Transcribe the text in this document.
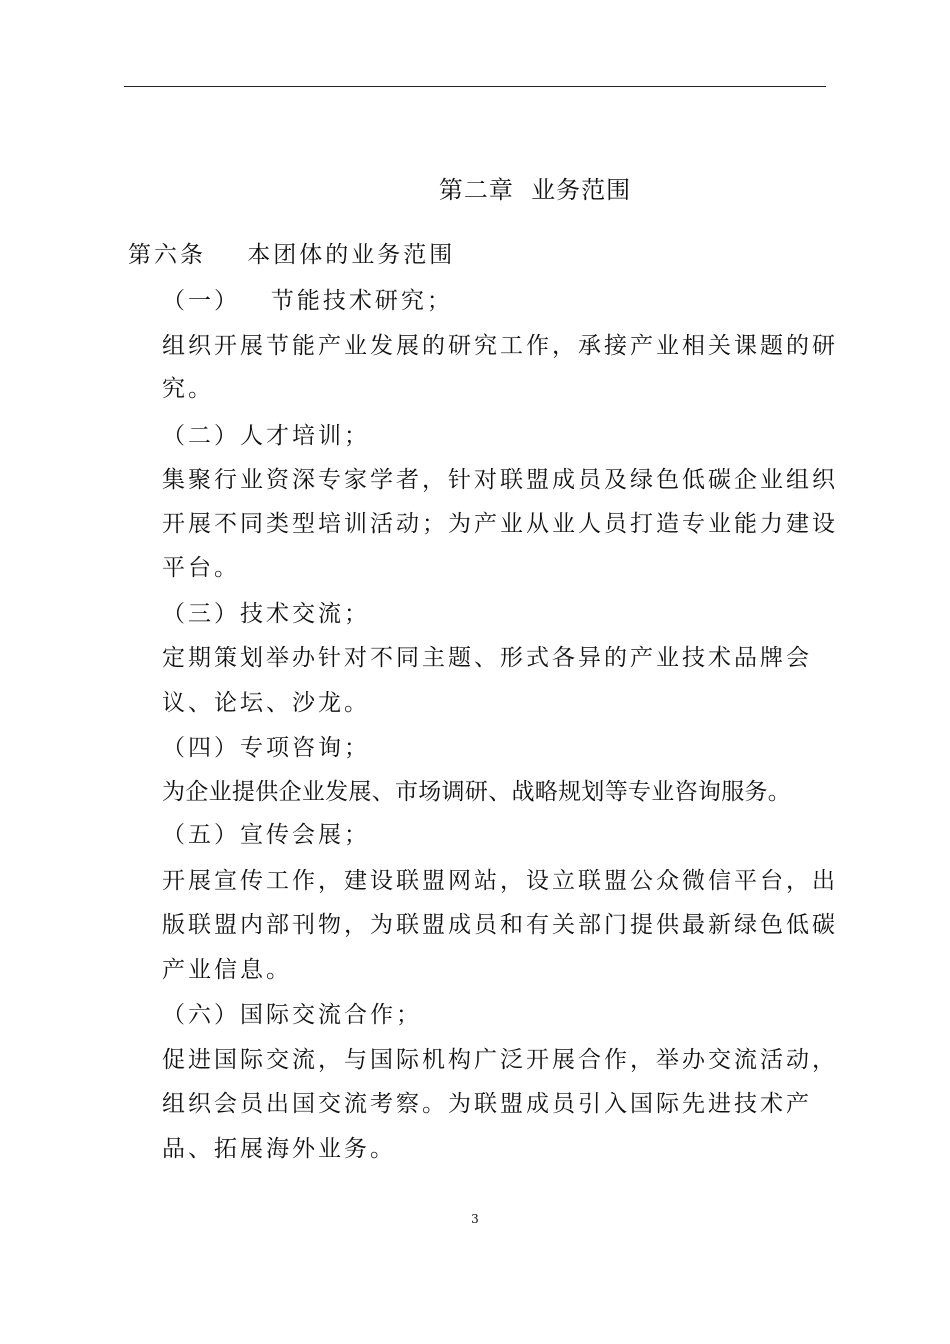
第二章  业务范围
第六条    本团体的业务范围
（一）   节能技术研究；
组织开展节能产业发展的研究工作，承接产业相关课题的研
究。
（二）人才培训；
集聚行业资深专家学者，针对联盟成员及绿色低碳企业组织
开展不同类型培训活动；为产业从业人员打造专业能力建设
平台。
（三）技术交流；
定期策划举办针对不同主题、形式各异的产业技术品牌会
议、论坛、沙龙。
（四）专项咨询；
为企业提供企业发展、市场调研、战略规划等专业咨询服务。
（五）宣传会展；
开展宣传工作，建设联盟网站，设立联盟公众微信平台，出
版联盟内部刊物，为联盟成员和有关部门提供最新绿色低碳
产业信息。
（六）国际交流合作；
促进国际交流，与国际机构广泛开展合作，举办交流活动，
组织会员出国交流考察。为联盟成员引入国际先进技术产
品、拓展海外业务。
3
